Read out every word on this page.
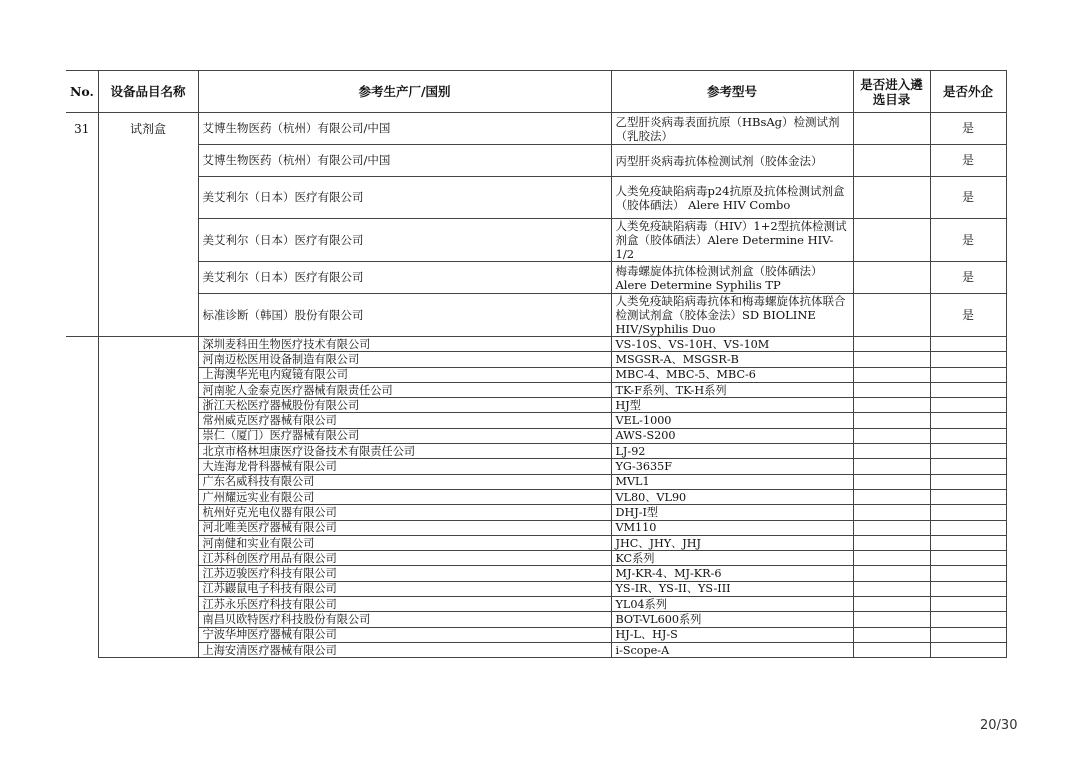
No.	设备品目名称	参考生产厂/国别	参考型号	是否进入遴选目录	是否外企
31	试剂盒	艾博生物医药（杭州）有限公司/中国	乙型肝炎病毒表面抗原（HBsAg）检测试剂（乳胶法）		是
		艾博生物医药（杭州）有限公司/中国	丙型肝炎病毒抗体检测试剂（胶体金法）		是
		美艾利尔（日本）医疗有限公司	人类免疫缺陷病毒p24抗原及抗体检测试剂盒（胶体硒法） Alere HIV Combo		是
		美艾利尔（日本）医疗有限公司	人类免疫缺陷病毒（HIV）1+2型抗体检测试剂盒（胶体硒法）Alere Determine HIV-1/2		是
		美艾利尔（日本）医疗有限公司	梅毒螺旋体抗体检测试剂盒（胶体硒法）Alere Determine Syphilis TP		是
		标准诊断（韩国）股份有限公司	人类免疫缺陷病毒抗体和梅毒螺旋体抗体联合检测试剂盒（胶体金法）SD BIOLINE HIV/Syphilis Duo		是
		深圳麦科田生物医疗技术有限公司	VS-10S、VS-10H、VS-10M		
		河南迈松医用设备制造有限公司	MSGSR-A、MSGSR-B		
		上海澳华光电内窥镜有限公司	MBC-4、MBC-5、MBC-6		
		河南驼人金泰克医疗器械有限责任公司	TK-F系列、TK-H系列		
		浙江天松医疗器械股份有限公司	HJ型		
		常州威克医疗器械有限公司	VEL-1000		
		崇仁（厦门）医疗器械有限公司	AWS-S200		
		北京市格林坦康医疗设备技术有限责任公司	LJ-92		
		大连海龙骨科器械有限公司	YG-3635F		
		广东名威科技有限公司	MVL1		
		广州耀远实业有限公司	VL80、VL90		
		杭州好克光电仪器有限公司	DHJ-I型		
		河北唯美医疗器械有限公司	VM110		
		河南健和实业有限公司	JHC、JHY、JHJ		
		江苏科创医疗用品有限公司	KC系列		
		江苏迈骏医疗科技有限公司	MJ-KR-4、MJ-KR-6		
		江苏鼹鼠电子科技有限公司	YS-IR、YS-II、YS-III		
		江苏永乐医疗科技有限公司	YL04系列		
		南昌贝欧特医疗科技股份有限公司	BOT-VL600系列		
		宁波华坤医疗器械有限公司	HJ-L、HJ-S		
		上海安清医疗器械有限公司	i-Scope-A		
20/30
